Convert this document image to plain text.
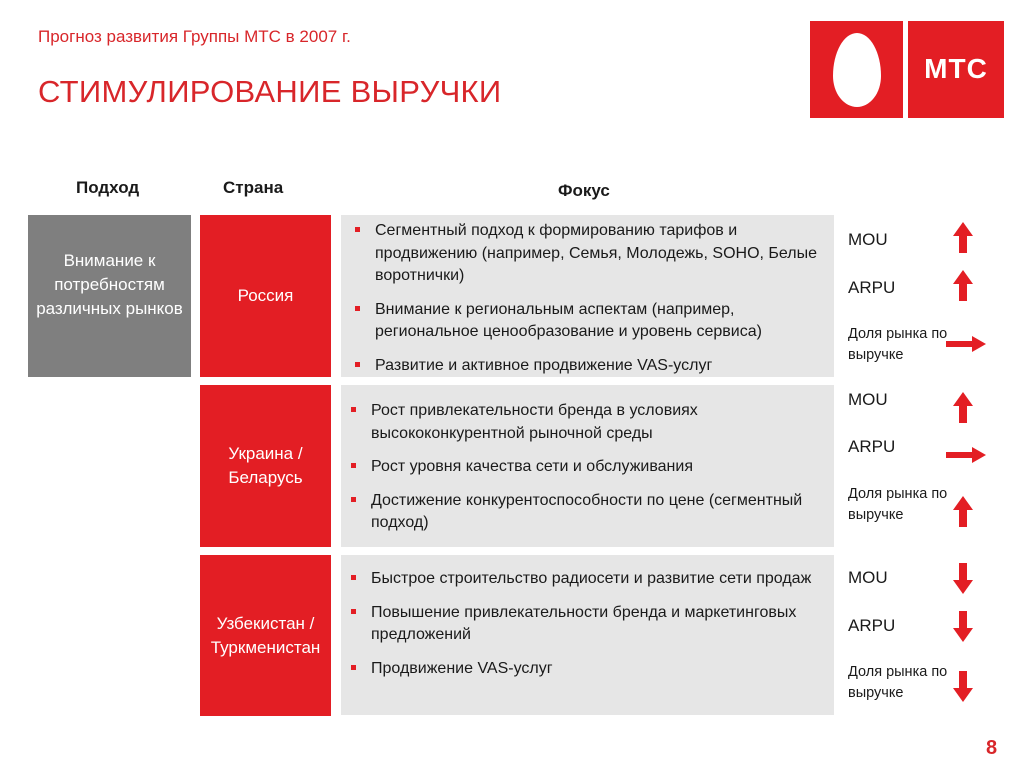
Прогноз развития Группы МТС в 2007 г.
СТИМУЛИРОВАНИЕ ВЫРУЧКИ
МТС
Подход	Страна	Фокус
Внимание к потребностям различных рынков
Россия
Сегментный подход к формированию тарифов и продвижению (например, Семья, Молодежь, SOHO, Белые воротнички)
Внимание к региональным аспектам (например, региональное ценообразование и уровень сервиса)
Развитие и активное продвижение VAS-услуг
Украина / Беларусь
Рост привлекательности бренда в условиях высококонкурентной рыночной среды
Рост уровня качества сети и обслуживания
Достижение конкурентоспособности по цене (сегментный подход)
Узбекистан / Туркменистан
Быстрое строительство радиосети и развитие сети продаж
Повышение привлекательности бренда и маркетинговых предложений
Продвижение VAS-услуг
MOU
ARPU
Доля рынка по выручке
MOU
ARPU
Доля рынка по выручке
MOU
ARPU
Доля рынка по выручке
8
